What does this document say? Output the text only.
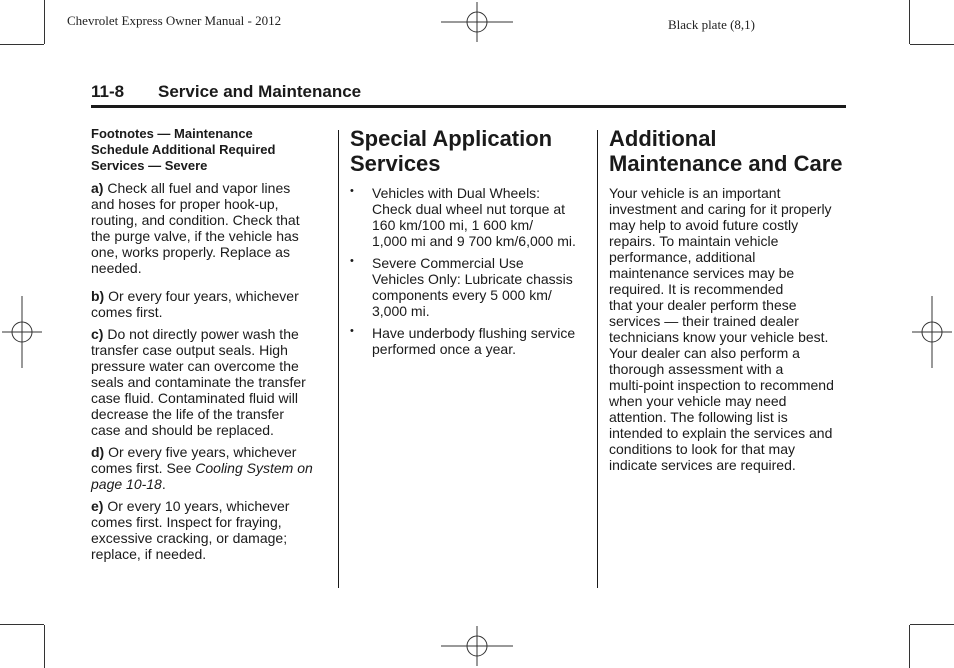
Chevrolet Express Owner Manual - 2012	Black plate (8,1)
11-8 Service and Maintenance
Footnotes — Maintenance
Schedule Additional Required
Services — Severe

a) Check all fuel and vapor lines
and hoses for proper hook-up,
routing, and condition. Check that
the purge valve, if the vehicle has
one, works properly. Replace as
needed.

b) Or every four years, whichever
comes first.
c) Do not directly power wash the
transfer case output seals. High
pressure water can overcome the
seals and contaminate the transfer
case fluid. Contaminated fluid will
decrease the life of the transfer
case and should be replaced.
d) Or every five years, whichever
comes first. See Cooling System on
page 10-18.
e) Or every 10 years, whichever
comes first. Inspect for fraying,
excessive cracking, or damage;
replace, if needed.
Special Application
Services
• Vehicles with Dual Wheels:
Check dual wheel nut torque at
160 km/100 mi, 1 600 km/
1,000 mi and 9 700 km/6,000 mi.
• Severe Commercial Use
Vehicles Only: Lubricate chassis
components every 5 000 km/
3,000 mi.
• Have underbody flushing service
performed once a year.
Additional
Maintenance and Care
Your vehicle is an important
investment and caring for it properly
may help to avoid future costly
repairs. To maintain vehicle
performance, additional
maintenance services may be
required. It is recommended
that your dealer perform these
services — their trained dealer
technicians know your vehicle best.
Your dealer can also perform a
thorough assessment with a
multi-point inspection to recommend
when your vehicle may need
attention. The following list is
intended to explain the services and
conditions to look for that may
indicate services are required.
